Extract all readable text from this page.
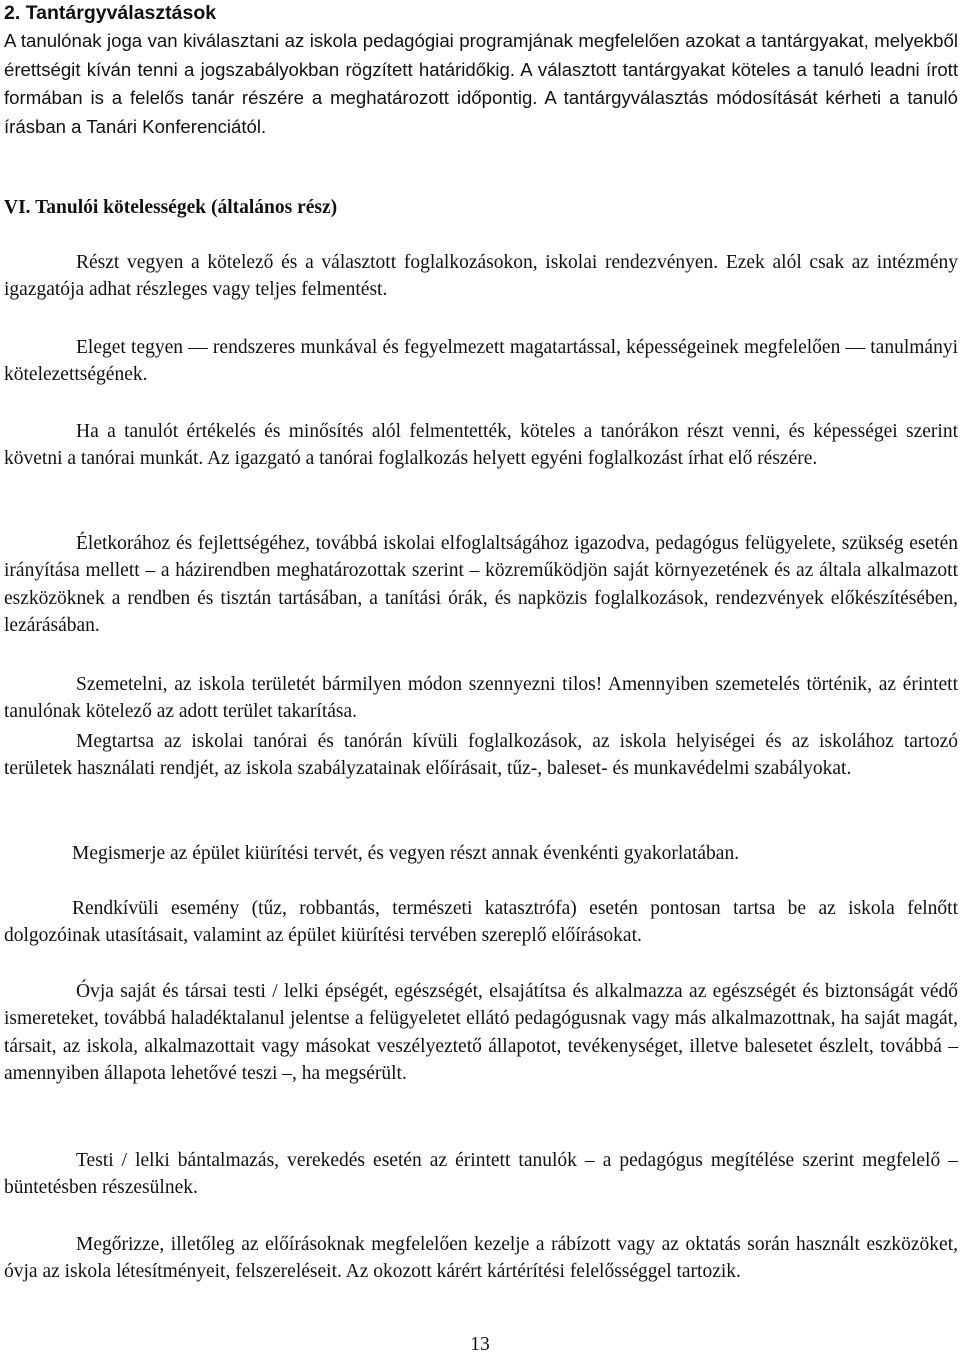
2. Tantárgyválasztások
A tanulónak joga van kiválasztani az iskola pedagógiai programjának megfelelően azokat a tantárgyakat, melyekből érettségit kíván tenni a jogszabályokban rögzített határidőkig. A választott tantárgyakat köteles a tanuló leadni írott formában is a felelős tanár részére a meghatározott időpontig. A tantárgyválasztás módosítását kérheti a tanuló írásban a Tanári Konferenciától.
VI. Tanulói kötelességek (általános rész)
Részt vegyen a kötelező és a választott foglalkozásokon, iskolai rendezvényen. Ezek alól csak az intézmény igazgatója adhat részleges vagy teljes felmentést.
Eleget tegyen ― rendszeres munkával és fegyelmezett magatartással, képességeinek megfelelően ― tanulmányi kötelezettségének.
Ha a tanulót értékelés és minősítés alól felmentették, köteles a tanórákon részt venni, és képességei szerint követni a tanórai munkát. Az igazgató a tanórai foglalkozás helyett egyéni foglalkozást írhat elő részére.
Életkorához és fejlettségéhez, továbbá iskolai elfoglaltságához igazodva, pedagógus felügyelete, szükség esetén irányítása mellett – a házirendben meghatározottak szerint – közreműködjön saját környezetének és az általa alkalmazott eszközöknek a rendben és tisztán tartásában, a tanítási órák, és napközis foglalkozások, rendezvények előkészítésében, lezárásában.
Szemetelni, az iskola területét bármilyen módon szennyezni tilos! Amennyiben szemetelés történik, az érintett tanulónak kötelező az adott terület takarítása.
Megtartsa az iskolai tanórai és tanórán kívüli foglalkozások, az iskola helyiségei és az iskolához tartozó területek használati rendjét, az iskola szabályzatainak előírásait, tűz-, baleset- és munkavédelmi szabályokat.
Megismerje az épület kiürítési tervét, és vegyen részt annak évenkénti gyakorlatában.
Rendkívüli esemény (tűz, robbantás, természeti katasztrófa) esetén pontosan tartsa be az iskola felnőtt dolgozóinak utasításait, valamint az épület kiürítési tervében szereplő előírásokat.
Óvja saját és társai testi / lelki épségét, egészségét, elsajátítsa és alkalmazza az egészségét és biztonságát védő ismereteket, továbbá haladéktalanul jelentse a felügyeletet ellátó pedagógusnak vagy más alkalmazottnak, ha saját magát, társait, az iskola, alkalmazottait vagy másokat veszélyeztető állapotot, tevékenységet, illetve balesetet észlelt, továbbá – amennyiben állapota lehetővé teszi –, ha megsérült.
Testi / lelki bántalmazás, verekedés esetén az érintett tanulók – a pedagógus megítélése szerint megfelelő – büntetésben részesülnek.
Megőrizze, illetőleg az előírásoknak megfelelően kezelje a rábízott vagy az oktatás során használt eszközöket, óvja az iskola létesítményeit, felszereléseit. Az okozott kárért kártérítési felelősséggel tartozik.
13
